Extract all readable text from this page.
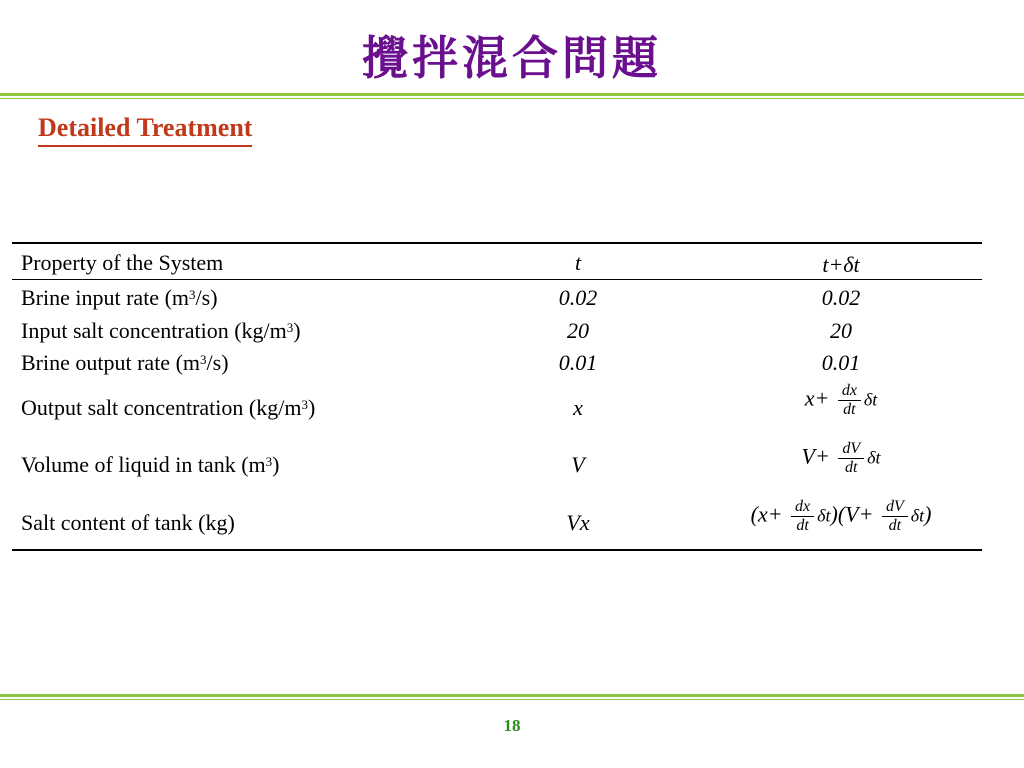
攪拌混合問題
Detailed Treatment
Property of the System	t	t+δt
Brine input rate $(m^3/s)$	0.02	0.02
Input salt concentration $(kg/m^3)$	20	20
Brine output rate $(m^3/s)$	0.01	0.01
Output salt concentration $(kg/m^3)$	x	$x+ \frac{dx}{dt}$ δt
Volume of liquid in tank $(m^3)$	V	$V+ \frac{dV}{dt}$ δt
Salt content of tank (kg)	Vx	$(x+ \frac{dx}{dt} \delta t)(V+ \frac{dV}{dt} \delta t)$
18
